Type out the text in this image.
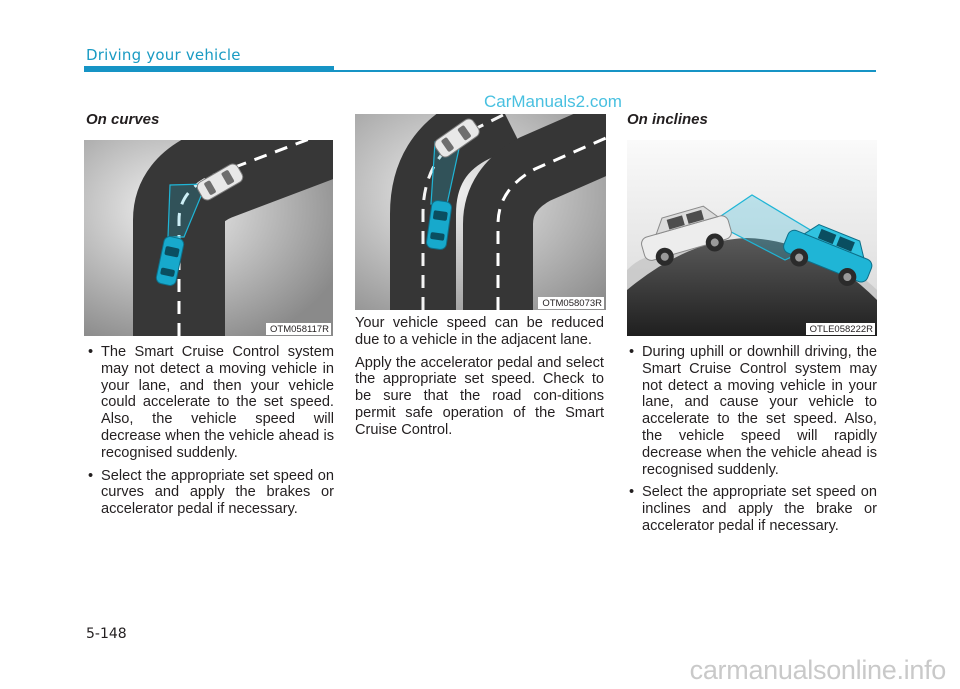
Driving your vehicle
CarManuals2.com
On curves
OTM058117R
• The Smart Cruise Control system may not detect a moving vehicle in your lane, and then your vehicle could accelerate to the set speed. Also, the vehicle speed will decrease when the vehicle ahead is recognised suddenly.
• Select the appropriate set speed on curves and apply the brakes or accelerator pedal if necessary.
OTM058073R

Your vehicle speed can be reduced due to a vehicle in the adjacent lane.

Apply the accelerator pedal and select the appropriate set speed. Check to be sure that the road con-ditions permit safe operation of the Smart Cruise Control.

On inclines
OTLE058222R
• During uphill or downhill driving, the Smart Cruise Control system may not detect a moving vehicle in your lane, and cause your vehicle to accelerate to the set speed. Also, the vehicle speed will rapidly decrease when the vehicle ahead is recognised suddenly.
• Select the appropriate set speed on inclines and apply the brake or accelerator pedal if necessary.
5-148
carmanualsonline.info
